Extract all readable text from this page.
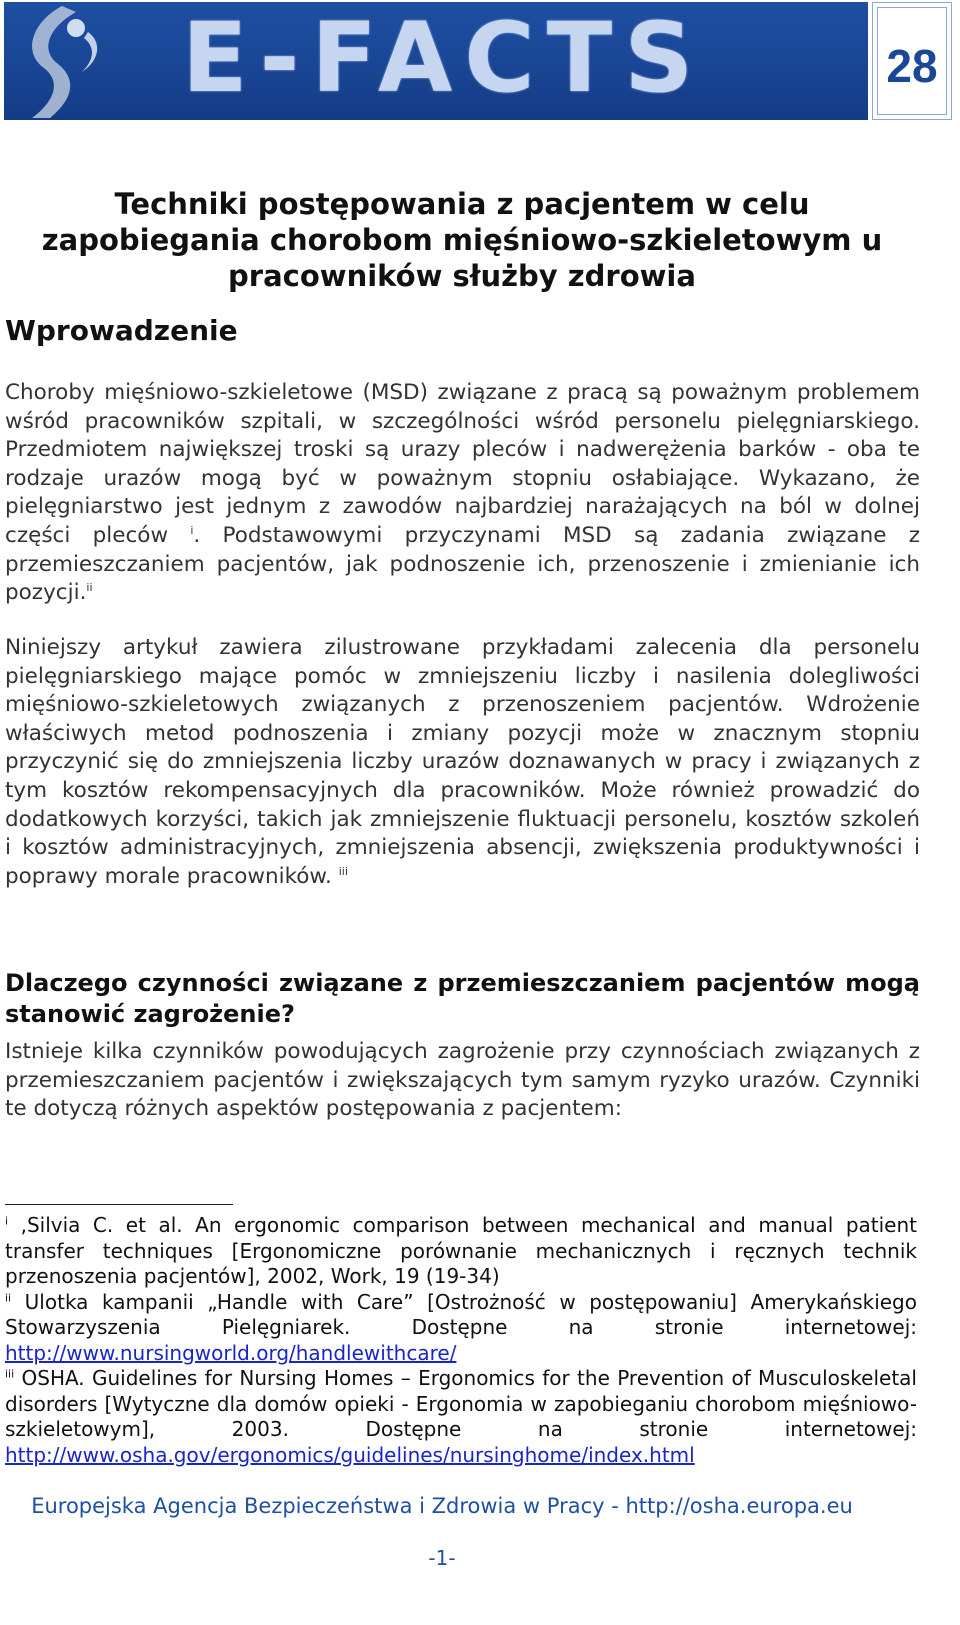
E-FACTS	28
Techniki postępowania z pacjentem w celu zapobiegania chorobom mięśniowo-szkieletowym u pracowników służby zdrowia
Wprowadzenie

Choroby mięśniowo-szkieletowe (MSD) związane z pracą są poważnym problemem wśród pracowników szpitali, w szczególności wśród personelu pielęgniarskiego. Przedmiotem największej troski są urazy pleców i nadwerężenia barków - oba te rodzaje urazów mogą być w poważnym stopniu osłabiające. Wykazano, że pielęgniarstwo jest jednym z zawodów najbardziej narażających na ból w dolnej części pleców $^i$. Podstawowymi przyczynami MSD są zadania związane z przemieszczaniem pacjentów, jak podnoszenie ich, przenoszenie i zmienianie ich pozycji.$^{ii}$

Niniejszy artykuł zawiera zilustrowane przykładami zalecenia dla personelu pielęgniarskiego mające pomóc w zmniejszeniu liczby i nasilenia dolegliwości mięśniowo-szkieletowych związanych z przenoszeniem pacjentów. Wdrożenie właściwych metod podnoszenia i zmiany pozycji może w znacznym stopniu przyczynić się do zmniejszenia liczby urazów doznawanych w pracy i związanych z tym kosztów rekompensacyjnych dla pracowników. Może również prowadzić do dodatkowych korzyści, takich jak zmniejszenie fluktuacji personelu, kosztów szkoleń i kosztów administracyjnych, zmniejszenia absencji, zwiększenia produktywności i poprawy morale pracowników. $^{iii}$

Dlaczego czynności związane z przemieszczaniem pacjentów mogą stanowić zagrożenie?

Istnieje kilka czynników powodujących zagrożenie przy czynnościach związanych z przemieszczaniem pacjentów i zwiększających tym samym ryzyko urazów. Czynniki te dotyczą różnych aspektów postępowania z pacjentem:

$^i$ ,Silvia C. et al. An ergonomic comparison between mechanical and manual patient transfer techniques [Ergonomiczne porównanie mechanicznych i ręcznych technik przenoszenia pacjentów], 2002, Work, 19 (19-34)

$^{ii}$ Ulotka kampanii „Handle with Care” [Ostrożność w postępowaniu] Amerykańskiego Stowarzyszenia Pielęgniarek. Dostępne na stronie internetowej: http://www.nursingworld.org/handlewithcare/

$^{iii}$ OSHA. Guidelines for Nursing Homes – Ergonomics for the Prevention of Musculoskeletal disorders [Wytyczne dla domów opieki - Ergonomia w zapobieganiu chorobom mięśniowo-szkieletowym], 2003. Dostępne na stronie internetowej: http://www.osha.gov/ergonomics/guidelines/nursinghome/index.html

Europejska Agencja Bezpieczeństwa i Zdrowia w Pracy - http://osha.europa.eu

-1-
